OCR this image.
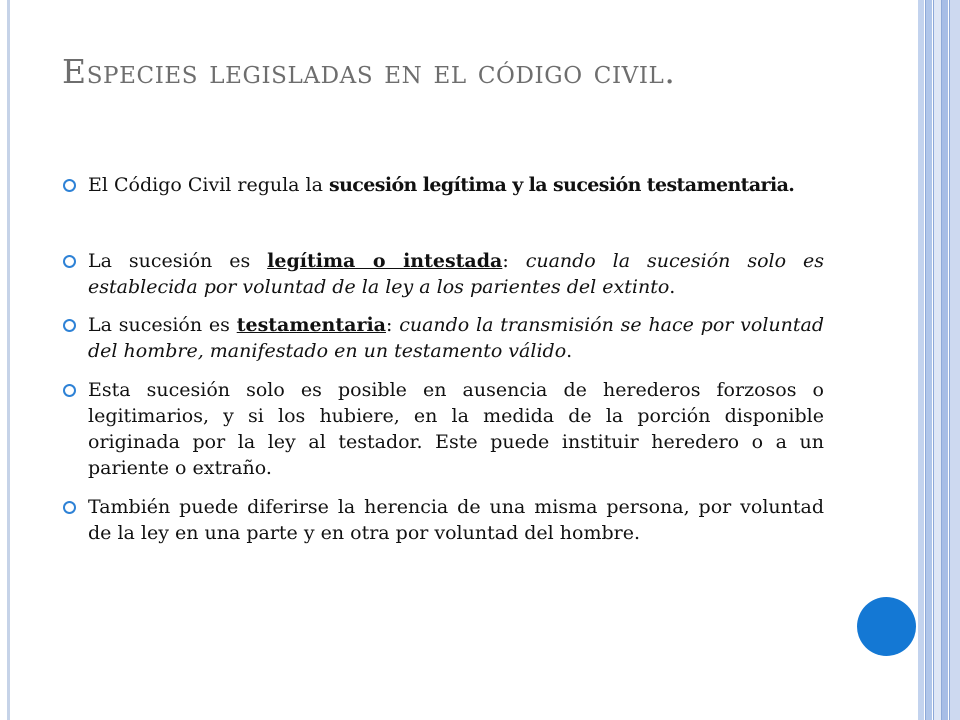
Especies legisladas en el código civil.
El Código Civil regula la sucesión legítima y la sucesión testamentaria.
La sucesión es legítima o intestada: cuando la sucesión solo es establecida por voluntad de la ley a los parientes del extinto.
La sucesión es testamentaria: cuando la transmisión se hace por voluntad del hombre, manifestado en un testamento válido.
Esta sucesión solo es posible en ausencia de herederos forzosos o legitimarios, y si los hubiere, en la medida de la porción disponible originada por la ley al testador. Este puede instituir heredero o a un pariente o extraño.
También puede diferirse la herencia de una misma persona, por voluntad de la ley en una parte y en otra por voluntad del hombre.
